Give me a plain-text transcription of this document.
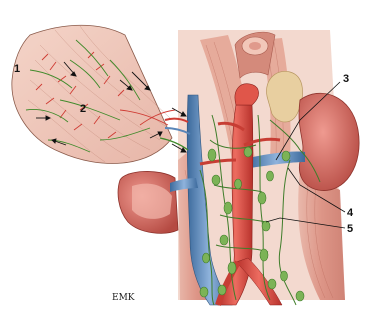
1
2
3
4
5
EMK
